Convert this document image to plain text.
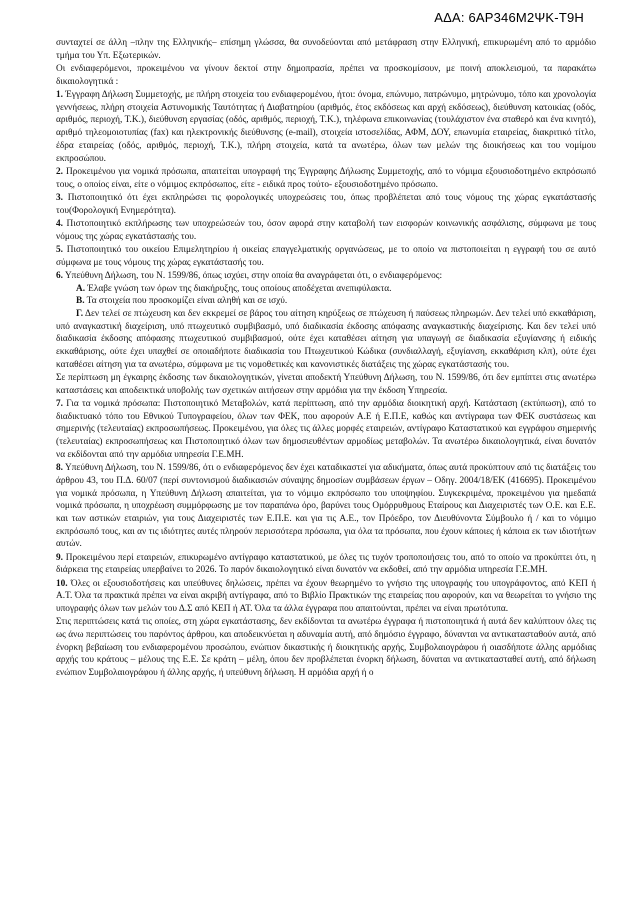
ΑΔΑ: 6ΑΡ346Μ2ΨΚ-Τ9Η

συνταχτεί σε άλλη –πλην της Ελληνικής– επίσημη γλώσσα, θα συνοδεύονται από μετάφραση στην Ελληνική, επικυρωμένη από το αρμόδιο τμήμα του Υπ. Εξωτερικών.

Οι ενδιαφερόμενοι, προκειμένου να γίνουν δεκτοί στην δημοπρασία, πρέπει να προσκομίσουν, με ποινή αποκλεισμού, τα παρακάτω δικαιολογητικά :

1. Έγγραφη Δήλωση Συμμετοχής, με πλήρη στοιχεία του ενδιαφερομένου, ήτοι: όνομα, επώνυμο, πατρώνυμο, μητρώνυμο, τόπο και χρονολογία γεννήσεως, πλήρη στοιχεία Αστυνομικής Ταυτότητας ή Διαβατηρίου (αριθμός, έτος εκδόσεως και αρχή εκδόσεως), διεύθυνση κατοικίας (οδός, αριθμός, περιοχή, Τ.Κ.), διεύθυνση εργασίας (οδός, αριθμός, περιοχή, Τ.Κ.), τηλέφωνα επικοινωνίας (τουλάχιστον ένα σταθερό και ένα κινητό), αριθμό τηλεομοιοτυπίας (fax) και ηλεκτρονικής διεύθυνσης (e-mail), στοιχεία ιστοσελίδας, ΑΦΜ, ΔΟΥ, επωνυμία εταιρείας, διακριτικό τίτλο, έδρα εταιρείας (οδός, αριθμός, περιοχή, Τ.Κ.), πλήρη στοιχεία, κατά τα ανωτέρω, όλων των μελών της διοικήσεως και του νομίμου εκπροσώπου.

2. Προκειμένου για νομικά πρόσωπα, απαιτείται υπογραφή της Έγγραφης Δήλωσης Συμμετοχής, από το νόμιμα εξουσιοδοτημένο εκπρόσωπό τους, ο οποίος είναι, είτε ο νόμιμος εκπρόσωπος, είτε - ειδικά προς τούτο- εξουσιοδοτημένο πρόσωπο.

3. Πιστοποιητικό ότι έχει εκπληρώσει τις φορολογικές υποχρεώσεις του, όπως προβλέπεται από τους νόμους της χώρας εγκατάστασής του(Φορολογική Ενημερότητα).

4. Πιστοποιητικό εκπλήρωσης των υποχρεώσεών του, όσον αφορά στην καταβολή των εισφορών κοινωνικής ασφάλισης, σύμφωνα με τους νόμους της χώρας εγκατάστασής του.

5. Πιστοποιητικό του οικείου Επιμελητηρίου ή οικείας επαγγελματικής οργανώσεως, με το οποίο να πιστοποιείται η εγγραφή του σε αυτό σύμφωνα με τους νόμους της χώρας εγκατάστασής του.

6. Υπεύθυνη Δήλωση, του Ν. 1599/86, όπως ισχύει, στην οποία θα αναγράφεται ότι, ο ενδιαφερόμενος:

Α. Έλαβε γνώση των όρων της διακήρυξης, τους οποίους αποδέχεται ανεπιφύλακτα.

Β. Τα στοιχεία που προσκομίζει είναι αληθή και σε ισχύ.

Γ. Δεν τελεί σε πτώχευση και δεν εκκρεμεί σε βάρος του αίτηση κηρύξεως σε πτώχευση ή παύσεως πληρωμών. Δεν τελεί υπό εκκαθάριση, υπό αναγκαστική διαχείριση, υπό πτωχευτικό συμβιβασμό, υπό διαδικασία έκδοσης απόφασης αναγκαστικής διαχείρισης. Και δεν τελεί υπό διαδικασία έκδοσης απόφασης πτωχευτικού συμβιβασμού, ούτε έχει καταθέσει αίτηση για υπαγωγή σε διαδικασία εξυγίανσης ή ειδικής εκκαθάρισης, ούτε έχει υπαχθεί σε οποιαδήποτε διαδικασία του Πτωχευτικού Κώδικα (συνδιαλλαγή, εξυγίανση, εκκαθάριση κλπ), ούτε έχει καταθέσει αίτηση για τα ανωτέρω, σύμφωνα με τις νομοθετικές και κανονιστικές διατάξεις της χώρας εγκατάστασής του.

Σε περίπτωση μη έγκαιρης έκδοσης των δικαιολογητικών, γίνεται αποδεκτή Υπεύθυνη Δήλωση, του Ν. 1599/86, ότι δεν εμπίπτει στις ανωτέρω καταστάσεις και αποδεικτικά υποβολής των σχετικών αιτήσεων στην αρμόδια για την έκδοση Υπηρεσία.

7. Για τα νομικά πρόσωπα: Πιστοποιητικό Μεταβολών, κατά περίπτωση, από την αρμόδια διοικητική αρχή. Κατάσταση (εκτύπωση), από το διαδικτυακό τόπο του Εθνικού Τυπογραφείου, όλων των ΦΕΚ, που αφορούν Α.Ε ή Ε.Π.Ε, καθώς και αντίγραφα των ΦΕΚ συστάσεως και σημερινής (τελευταίας) εκπροσωπήσεως. Προκειμένου, για όλες τις άλλες μορφές εταιρειών, αντίγραφο Καταστατικού και εγγράφου σημερινής (τελευταίας) εκπροσωπήσεως και Πιστοποιητικό όλων των δημοσιευθέντων αρμοδίως μεταβολών. Τα ανωτέρω δικαιολογητικά, είναι δυνατόν να εκδίδονται από την αρμόδια υπηρεσία Γ.Ε.ΜΗ.

8. Υπεύθυνη Δήλωση, του Ν. 1599/86, ότι ο ενδιαφερόμενος δεν έχει καταδικαστεί για αδικήματα, όπως αυτά προκύπτουν από τις διατάξεις του άρθρου 43, του Π.Δ. 60/07 (περί συντονισμού διαδικασιών σύναψης δημοσίων συμβάσεων έργων – Οδηγ. 2004/18/ΕΚ (416695). Προκειμένου για νομικά πρόσωπα, η Υπεύθυνη Δήλωση απαιτείται, για το νόμιμο εκπρόσωπο του υποψηφίου. Συγκεκριμένα, προκειμένου για ημεδαπά νομικά πρόσωπα, η υποχρέωση συμμόρφωσης με τον παραπάνω όρο, βαρύνει τους Ομόρρυθμους Εταίρους και Διαχειριστές των Ο.Ε. και Ε.Ε. και των αστικών εταιριών, για τους Διαχειριστές των Ε.Π.Ε. και για τις Α.Ε., τον Πρόεδρο, τον Διευθύνοντα Σύμβουλο ή / και το νόμιμο εκπρόσωπό τους, και αν τις ιδιότητες αυτές πληρούν περισσότερα πρόσωπα, για όλα τα πρόσωπα, που έχουν κάποιες ή κάποια εκ των ιδιοτήτων αυτών.

9. Προκειμένου περί εταιρειών, επικυρωμένο αντίγραφο καταστατικού, με όλες τις τυχόν τροποποιήσεις του, από το οποίο να προκύπτει ότι, η διάρκεια της εταιρείας υπερβαίνει το 2026. Το παρόν δικαιολογητικό είναι δυνατόν να εκδοθεί, από την αρμόδια υπηρεσία Γ.Ε.ΜΗ.

10. Όλες οι εξουσιοδοτήσεις και υπεύθυνες δηλώσεις, πρέπει να έχουν θεωρημένο το γνήσιο της υπογραφής του υπογράφοντος, από ΚΕΠ ή Α.Τ. Όλα τα πρακτικά πρέπει να είναι ακριβή αντίγραφα, από το Βιβλίο Πρακτικών της εταιρείας που αφορούν, και να θεωρείται το γνήσιο της υπογραφής όλων των μελών του Δ.Σ από ΚΕΠ ή ΑΤ. Όλα τα άλλα έγγραφα που απαιτούνται, πρέπει να είναι πρωτότυπα.

Στις περιπτώσεις κατά τις οποίες, στη χώρα εγκατάστασης, δεν εκδίδονται τα ανωτέρω έγγραφα ή πιστοποιητικά ή αυτά δεν καλύπτουν όλες τις ως άνω περιπτώσεις του παρόντος άρθρου, και αποδεικνύεται η αδυναμία αυτή, από δημόσιο έγγραφο, δύνανται να αντικατασταθούν αυτά, από ένορκη βεβαίωση του ενδιαφερομένου προσώπου, ενώπιον δικαστικής ή διοικητικής αρχής, Συμβολαιογράφου ή οιασδήποτε άλλης αρμόδιας αρχής του κράτους – μέλους της Ε.Ε. Σε κράτη – μέλη, όπου δεν προβλέπεται ένορκη δήλωση, δύναται να αντικατασταθεί αυτή, από δήλωση ενώπιον Συμβολαιογράφου ή άλλης αρχής, ή υπεύθυνη δήλωση. Η αρμόδια αρχή ή ο
